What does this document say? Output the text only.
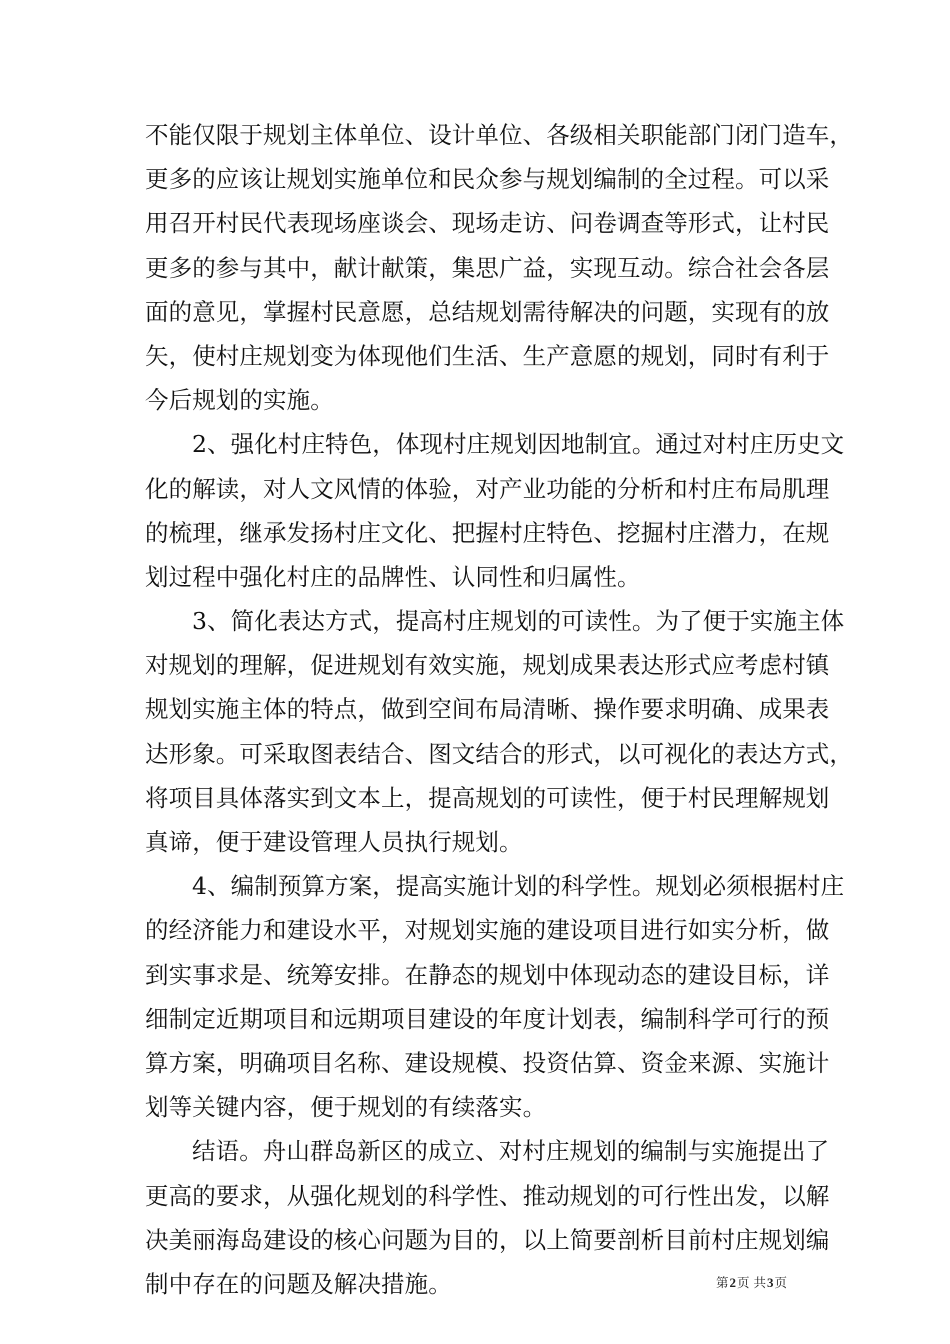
不能仅限于规划主体单位、设计单位、各级相关职能部门闭门造车，
更多的应该让规划实施单位和民众参与规划编制的全过程。可以采
用召开村民代表现场座谈会、现场走访、问卷调查等形式，让村民
更多的参与其中，献计献策，集思广益，实现互动。综合社会各层
面的意见，掌握村民意愿，总结规划需待解决的问题，实现有的放
矢，使村庄规划变为体现他们生活、生产意愿的规划，同时有利于
今后规划的实施。
2、强化村庄特色，体现村庄规划因地制宜。通过对村庄历史文
化的解读，对人文风情的体验，对产业功能的分析和村庄布局肌理
的梳理，继承发扬村庄文化、把握村庄特色、挖掘村庄潜力，在规
划过程中强化村庄的品牌性、认同性和归属性。
3、简化表达方式，提高村庄规划的可读性。为了便于实施主体
对规划的理解，促进规划有效实施，规划成果表达形式应考虑村镇
规划实施主体的特点，做到空间布局清晰、操作要求明确、成果表
达形象。可采取图表结合、图文结合的形式，以可视化的表达方式，
将项目具体落实到文本上，提高规划的可读性，便于村民理解规划
真谛，便于建设管理人员执行规划。
4、编制预算方案，提高实施计划的科学性。规划必须根据村庄
的经济能力和建设水平，对规划实施的建设项目进行如实分析，做
到实事求是、统筹安排。在静态的规划中体现动态的建设目标，详
细制定近期项目和远期项目建设的年度计划表，编制科学可行的预
算方案，明确项目名称、建设规模、投资估算、资金来源、实施计
划等关键内容，便于规划的有续落实。
结语。舟山群岛新区的成立、对村庄规划的编制与实施提出了
更高的要求，从强化规划的科学性、推动规划的可行性出发，以解
决美丽海岛建设的核心问题为目的，以上简要剖析目前村庄规划编
制中存在的问题及解决措施。	第2页 共3页
